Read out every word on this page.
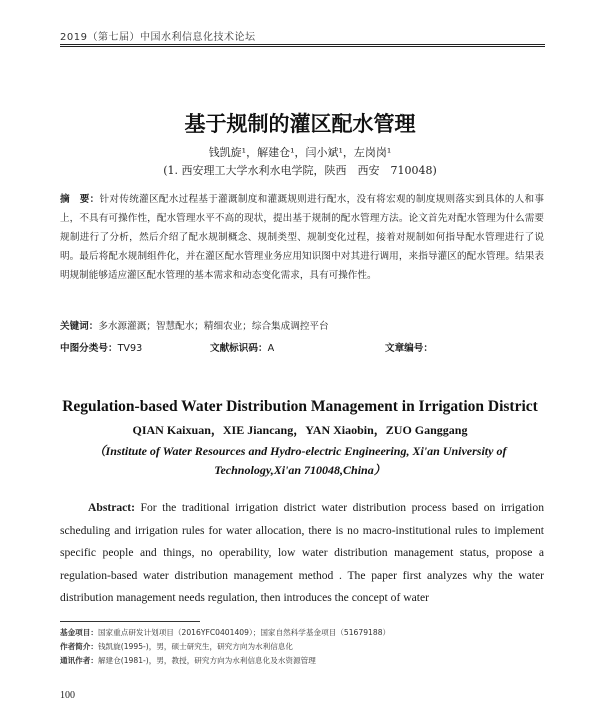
2019（第七届）中国水利信息化技术论坛
基于规制的灌区配水管理
钱凯旋¹，解建仓¹，闫小斌¹，左岗岗¹
(1. 西安理工大学水利水电学院，陕西　西安　710048)
摘　要：针对传统灌区配水过程基于灌溉制度和灌溉规则进行配水，没有将宏观的制度规则落实到具体的人和事上，不具有可操作性，配水管理水平不高的现状，提出基于规制的配水管理方法。论文首先对配水管理为什么需要规制进行了分析，然后介绍了配水规制概念、规制类型、规制变化过程，接着对规制如何指导配水管理进行了说明。最后将配水规制组件化，并在灌区配水管理业务应用知识图中对其进行调用，来指导灌区的配水管理。结果表明规制能够适应灌区配水管理的基本需求和动态变化需求，具有可操作性。
关键词：多水源灌溉；智慧配水；精细农业；综合集成调控平台
中图分类号：TV93	文献标识码：A	文章编号：
Regulation-based Water Distribution Management in Irrigation District
QIAN Kaixuan，XIE Jiancang，YAN Xiaobin，ZUO Ganggang
（Institute of Water Resources and Hydro-electric Engineering, Xi'an University of Technology,Xi'an 710048,China）
Abstract: For the traditional irrigation district water distribution process based on irrigation scheduling and irrigation rules for water allocation, there is no macro-institutional rules to implement specific people and things, no operability, low water distribution management status, propose a regulation-based water distribution management method . The paper first analyzes why the water distribution management needs regulation, then introduces the concept of water
基金项目：国家重点研发计划项目（2016YFC0401409）；国家自然科学基金项目（51679188）
作者简介：钱凯旋(1995-)，男，硕士研究生，研究方向为水利信息化
通讯作者：解建仓(1981-)，男，教授，研究方向为水利信息化及水资源管理
100
